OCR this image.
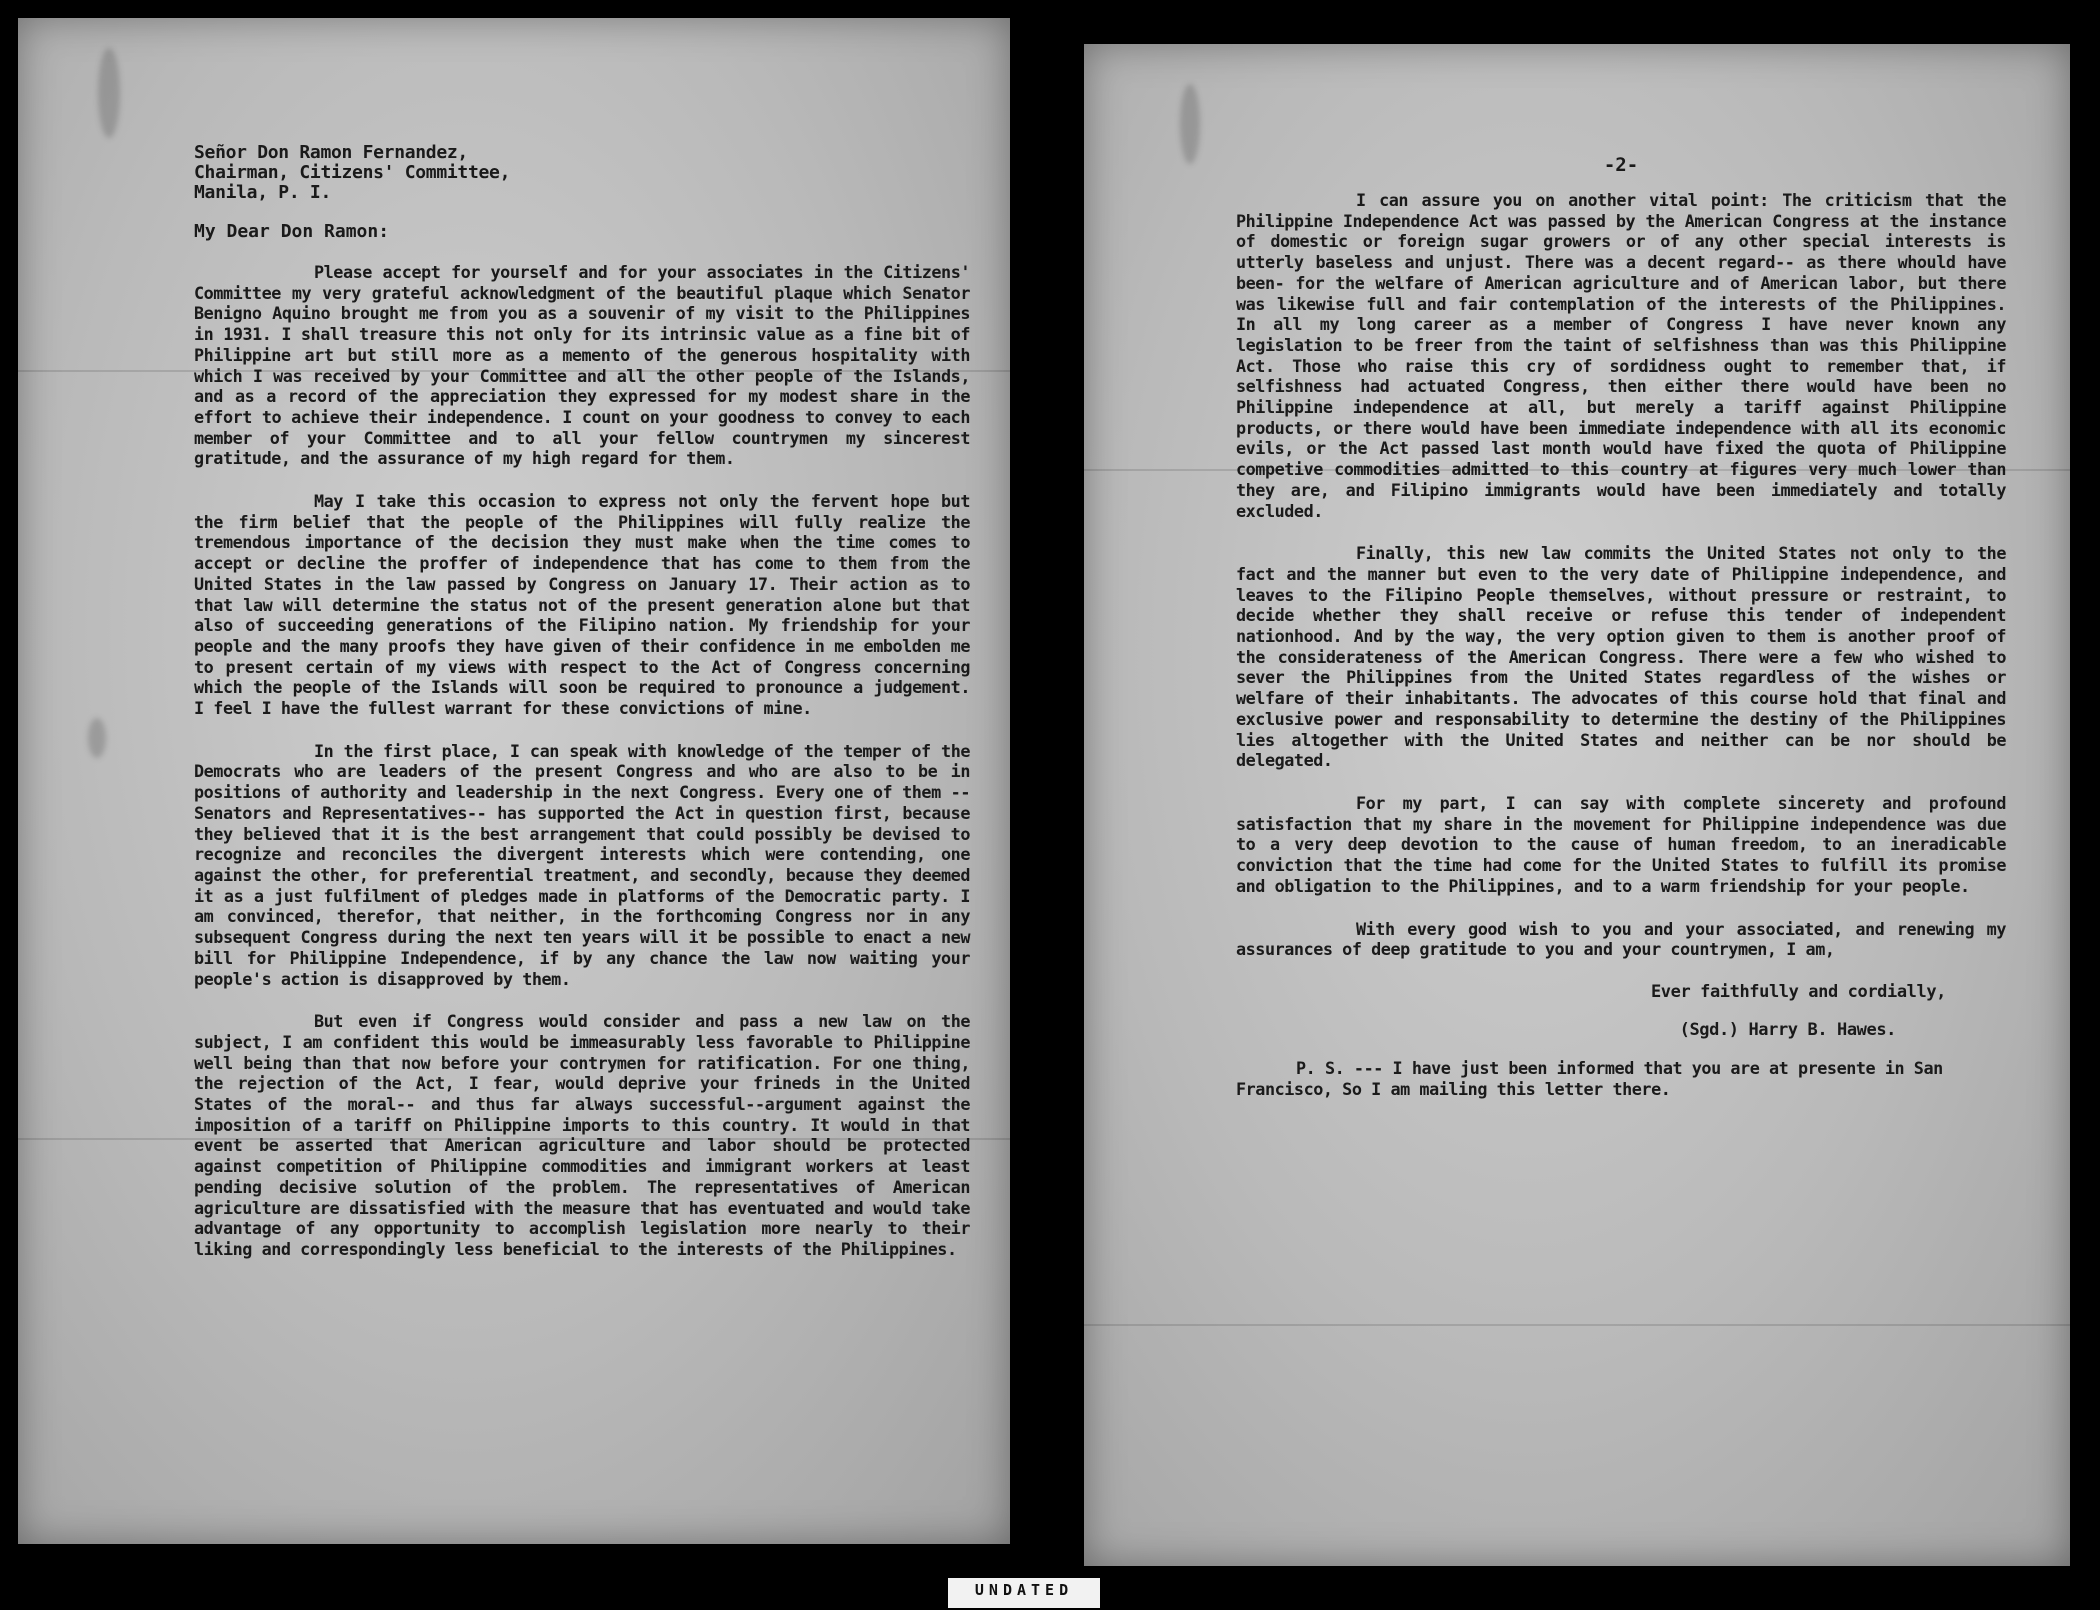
Señor Don Ramon Fernandez,
Chairman, Citizens' Committee,
Manila, P. I.
My Dear Don Ramon:

Please accept for yourself and for your associates in the Citizens' Committee my very grateful acknowledgment of the beautiful plaque which Senator Benigno Aquino brought me from you as a souvenir of my visit to the Philippines in 1931. I shall treasure this not only for its intrinsic value as a fine bit of Philippine art but still more as a memento of the generous hospitality with which I was received by your Committee and all the other people of the Islands, and as a record of the appreciation they expressed for my modest share in the effort to achieve their independence. I count on your goodness to convey to each member of your Committee and to all your fellow countrymen my sincerest gratitude, and the assurance of my high regard for them.

May I take this occasion to express not only the fervent hope but the firm belief that the people of the Philippines will fully realize the tremendous importance of the decision they must make when the time comes to accept or decline the proffer of independence that has come to them from the United States in the law passed by Congress on January 17. Their action as to that law will determine the status not of the present generation alone but that also of succeeding generations of the Filipino nation. My friendship for your people and the many proofs they have given of their confidence in me embolden me to present certain of my views with respect to the Act of Congress concerning which the people of the Islands will soon be required to pronounce a judgement. I feel I have the fullest warrant for these convictions of mine.

In the first place, I can speak with knowledge of the temper of the Democrats who are leaders of the present Congress and who are also to be in positions of authority and leadership in the next Congress. Every one of them --Senators and Representatives-- has supported the Act in question first, because they believed that it is the best arrangement that could possibly be devised to recognize and reconciles the divergent interests which were contending, one against the other, for preferential treatment, and secondly, because they deemed it as a just fulfilment of pledges made in platforms of the Democratic party. I am convinced, therefor, that neither, in the forthcoming Congress nor in any subsequent Congress during the next ten years will it be possible to enact a new bill for Philippine Independence, if by any chance the law now waiting your people's action is disapproved by them.

But even if Congress would consider and pass a new law on the subject, I am confident this would be immeasurably less favorable to Philippine well being than that now before your contrymen for ratification. For one thing, the rejection of the Act, I fear, would deprive your frineds in the United States of the moral-- and thus far always successful--argument against the imposition of a tariff on Philippine imports to this country. It would in that event be asserted that American agriculture and labor should be protected against competition of Philippine commodities and immigrant workers at least pending decisive solution of the problem. The representatives of American agriculture are dissatisfied with the measure that has eventuated and would take advantage of any opportunity to accomplish legislation more nearly to their liking and correspondingly less beneficial to the interests of the Philippines.

-2-

I can assure you on another vital point: The criticism that the Philippine Independence Act was passed by the American Congress at the instance of domestic or foreign sugar growers or of any other special interests is utterly baseless and unjust. There was a decent regard-- as there whould have been- for the welfare of American agriculture and of American labor, but there was likewise full and fair contemplation of the interests of the Philippines. In all my long career as a member of Congress I have never known any legislation to be freer from the taint of selfishness than was this Philippine Act. Those who raise this cry of sordidness ought to remember that, if selfishness had actuated Congress, then either there would have been no Philippine independence at all, but merely a tariff against Philippine products, or there would have been immediate independence with all its economic evils, or the Act passed last month would have fixed the quota of Philippine competive commodities admitted to this country at figures very much lower than they are, and Filipino immigrants would have been immediately and totally excluded.

Finally, this new law commits the United States not only to the fact and the manner but even to the very date of Philippine independence, and leaves to the Filipino People themselves, without pressure or restraint, to decide whether they shall receive or refuse this tender of independent nationhood. And by the way, the very option given to them is another proof of the considerateness of the American Congress. There were a few who wished to sever the Philippines from the United States regardless of the wishes or welfare of their inhabitants. The advocates of this course hold that final and exclusive power and responsability to determine the destiny of the Philippines lies altogether with the United States and neither can be nor should be delegated.

For my part, I can say with complete sincerety and profound satisfaction that my share in the movement for Philippine independence was due to a very deep devotion to the cause of human freedom, to an ineradicable conviction that the time had come for the United States to fulfill its promise and obligation to the Philippines, and to a warm friendship for your people.

With every good wish to you and your associated, and renewing my assurances of deep gratitude to you and your countrymen, I am,

Ever faithfully and cordially,
(Sgd.) Harry B. Hawes.

P. S. --- I have just been informed that you are at presente in San Francisco, So I am mailing this letter there.

UNDATED
